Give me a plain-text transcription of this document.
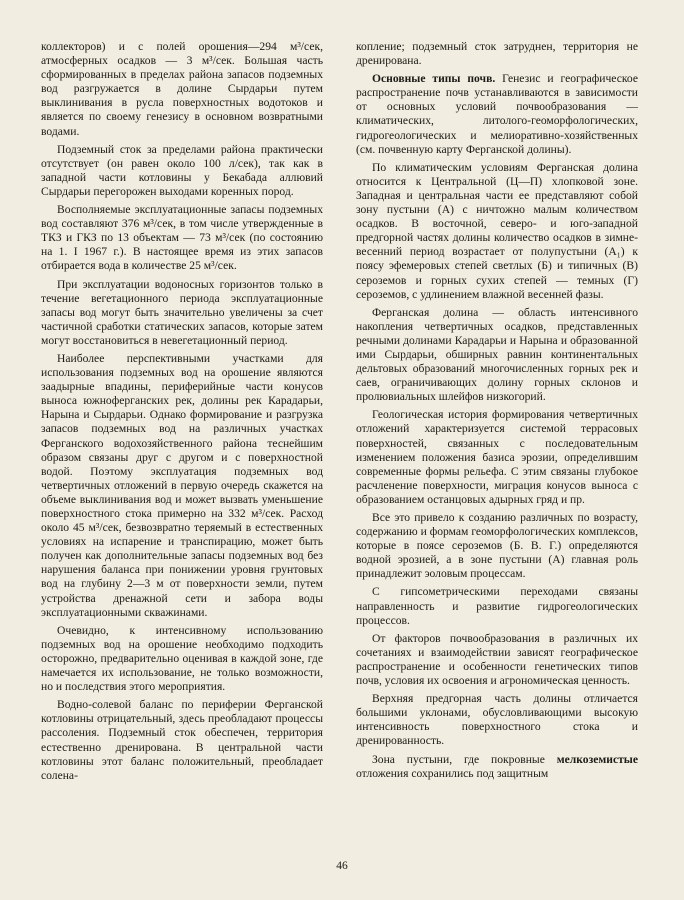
коллекторов) и с полей орошения—294 м³/сек, атмосферных осадков — 3 м³/сек. Большая часть сформированных в пределах района запасов подземных вод разгружается в долине Сырдарьи путем выклинивания в русла поверхностных водотоков и является по своему генезису в основном возвратными водами.

Подземный сток за пределами района практически отсутствует (он равен около 100 л/сек), так как в западной части котловины у Бекабада аллювий Сырдарьи перегорожен выходами коренных пород.

Восполняемые эксплуатационные запасы подземных вод составляют 376 м³/сек, в том числе утвержденные в ТКЗ и ГКЗ по 13 объектам — 73 м³/сек (по состоянию на 1. I 1967 г.). В настоящее время из этих запасов отбирается вода в количестве 25 м³/сек.

При эксплуатации водоносных горизонтов только в течение вегетационного периода эксплуатационные запасы вод могут быть значительно увеличены за счет частичной сработки статических запасов, которые затем могут восстановиться в невегетационный период.

Наиболее перспективными участками для использования подземных вод на орошение являются заадырные впадины, периферийные части конусов выноса южноферганских рек, долины рек Карадарьи, Нарына и Сырдарьи. Однако формирование и разгрузка запасов подземных вод на различных участках Ферганского водохозяйственного района теснейшим образом связаны друг с другом и с поверхностной водой. Поэтому эксплуатация подземных вод четвертичных отложений в первую очередь скажется на объеме выклинивания вод и может вызвать уменьшение поверхностного стока примерно на 332 м³/сек. Расход около 45 м³/сек, безвозвратно теряемый в естественных условиях на испарение и транспирацию, может быть получен как дополнительные запасы подземных вод без нарушения баланса при понижении уровня грунтовых вод на глубину 2—3 м от поверхности земли, путем устройства дренажной сети и забора воды эксплуатационными скважинами.

Очевидно, к интенсивному использованию подземных вод на орошение необходимо подходить осторожно, предварительно оценивая в каждой зоне, где намечается их использование, не только возможности, но и последствия этого мероприятия.

Водно-солевой баланс по периферии Ферганской котловины отрицательный, здесь преобладают процессы рассоления. Подземный сток обеспечен, территория естественно дренирована. В центральной части котловины этот баланс положительный, преобладает солена-

копление; подземный сток затруднен, территория не дренирована.

Основные типы почв. Генезис и географическое распространение почв устанавливаются в зависимости от основных условий почвообразования — климатических, литолого-геоморфологических, гидрогеологических и мелиоративно-хозяйственных (см. почвенную карту Ферганской долины).

По климатическим условиям Ферганская долина относится к Центральной (Ц—П) хлопковой зоне. Западная и центральная части ее представляют собой зону пустыни (А) с ничтожно малым количеством осадков. В восточной, северо- и юго-западной предгорной частях долины количество осадков в зимне-весенний период возрастает от полупустыни (А₁) к поясу эфемеровых степей светлых (Б) и типичных (В) сероземов и горных сухих степей — темных (Г) сероземов, с удлинением влажной весенней фазы.

Ферганская долина — область интенсивного накопления четвертичных осадков, представленных речными долинами Карадарьи и Нарына и образованной ими Сырдарьи, обширных равнин континентальных дельтовых образований многочисленных горных рек и саев, ограничивающих долину горных склонов и пролювиальных шлейфов низкогорий.

Геологическая история формирования четвертичных отложений характеризуется системой террасовых поверхностей, связанных с последовательным изменением положения базиса эрозии, определившим современные формы рельефа. С этим связаны глубокое расчленение поверхности, миграция конусов выноса с образованием останцовых адырных гряд и пр.

Все это привело к созданию различных по возрасту, содержанию и формам геоморфологических комплексов, которые в поясе сероземов (Б. В. Г.) определяются водной эрозией, а в зоне пустыни (А) главная роль принадлежит эоловым процессам.

С гипсометрическими переходами связаны направленность и развитие гидрогеологических процессов.

От факторов почвообразования в различных их сочетаниях и взаимодействии зависят географическое распространение и особенности генетических типов почв, условия их освоения и агрономическая ценность.

Верхняя предгорная часть долины отличается большими уклонами, обусловливающими высокую интенсивность поверхностного стока и дренированность.

Зона пустыни, где покровные мелкоземистые отложения сохранились под защитным

46
